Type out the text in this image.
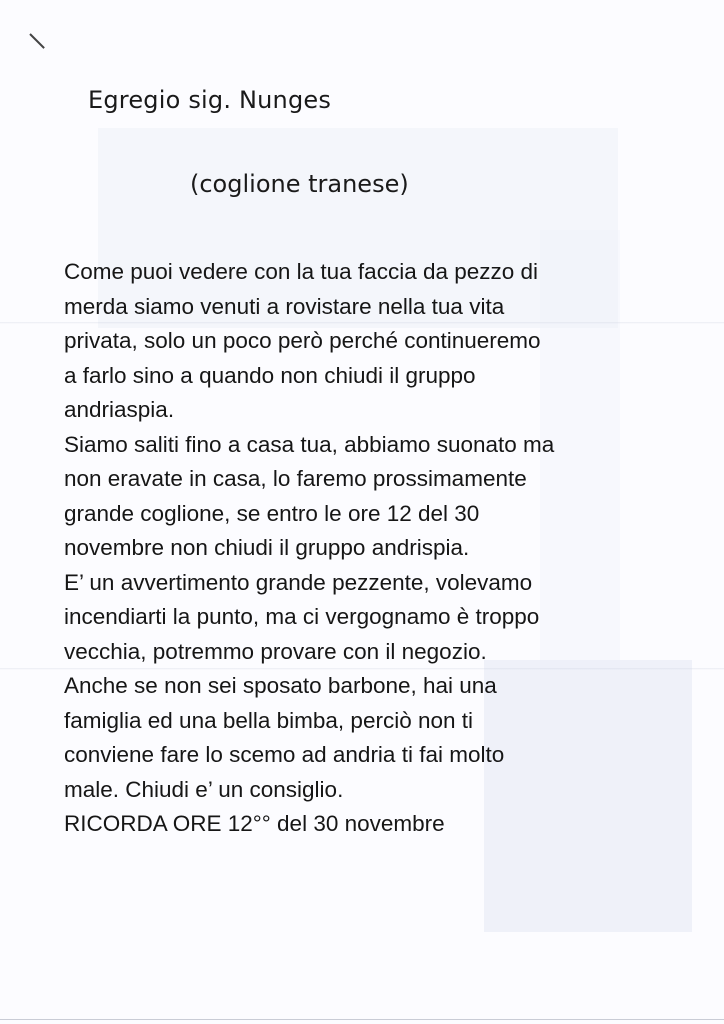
Egregio sig. Nunges
(coglione tranese)
Come puoi vedere con la tua faccia da pezzo di
merda siamo venuti a rovistare nella tua vita
privata, solo un poco però perché continueremo
a farlo sino a quando non chiudi il gruppo
andriaspia.
Siamo saliti fino a casa tua, abbiamo suonato ma
non eravate in casa, lo faremo prossimamente
grande coglione, se entro le ore 12 del 30
novembre non chiudi il gruppo andrispia.
E’ un avvertimento grande pezzente, volevamo
incendiarti la punto, ma ci vergognamo è troppo
vecchia, potremmo provare con il negozio.
Anche se non sei sposato barbone, hai una
famiglia ed una bella bimba, perciò non ti
conviene fare lo scemo ad andria ti fai molto
male. Chiudi e’ un consiglio.
RICORDA ORE 12°° del 30 novembre
